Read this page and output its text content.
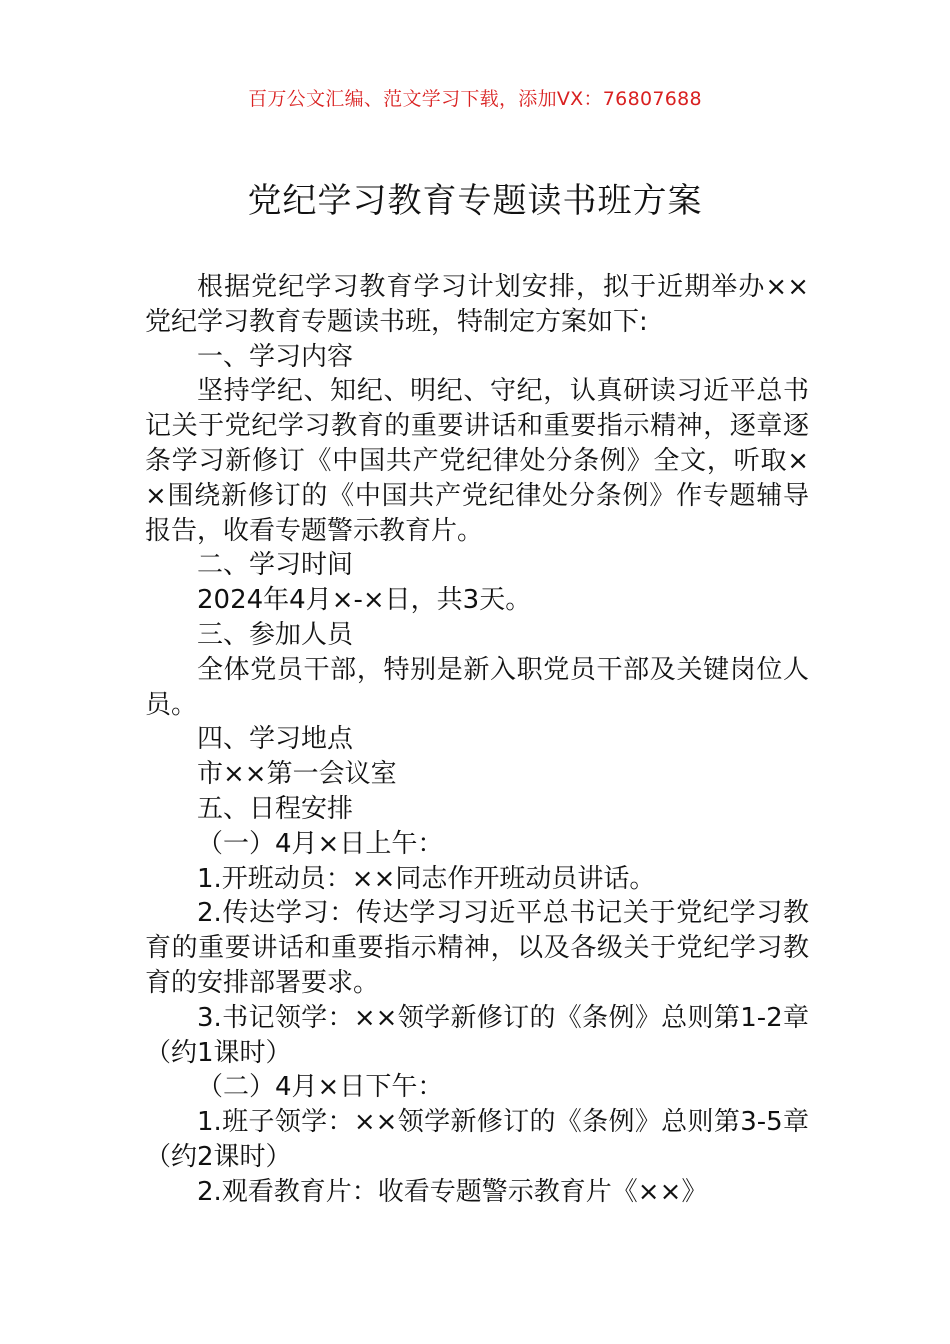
百万公文汇编、范文学习下载，添加VX：76807688
党纪学习教育专题读书班方案

根据党纪学习教育学习计划安排，拟于近期举办××党纪学习教育专题读书班，特制定方案如下:

一、学习内容

坚持学纪、知纪、明纪、守纪，认真研读习近平总书记关于党纪学习教育的重要讲话和重要指示精神，逐章逐条学习新修订《中国共产党纪律处分条例》全文，听取××围绕新修订的《中国共产党纪律处分条例》作专题辅导报告，收看专题警示教育片。

二、学习时间

2024年4月×-×日，共3天。

三、参加人员

全体党员干部，特别是新入职党员干部及关键岗位人员。

四、学习地点

市××第一会议室

五、日程安排

（一）4月×日上午：

1.开班动员：××同志作开班动员讲话。

2.传达学习：传达学习习近平总书记关于党纪学习教育的重要讲话和重要指示精神，以及各级关于党纪学习教育的安排部署要求。

3.书记领学：××领学新修订的《条例》总则第1-2章（约1课时）

（二）4月×日下午：

1.班子领学：××领学新修订的《条例》总则第3-5章（约2课时）

2.观看教育片：收看专题警示教育片《××》
